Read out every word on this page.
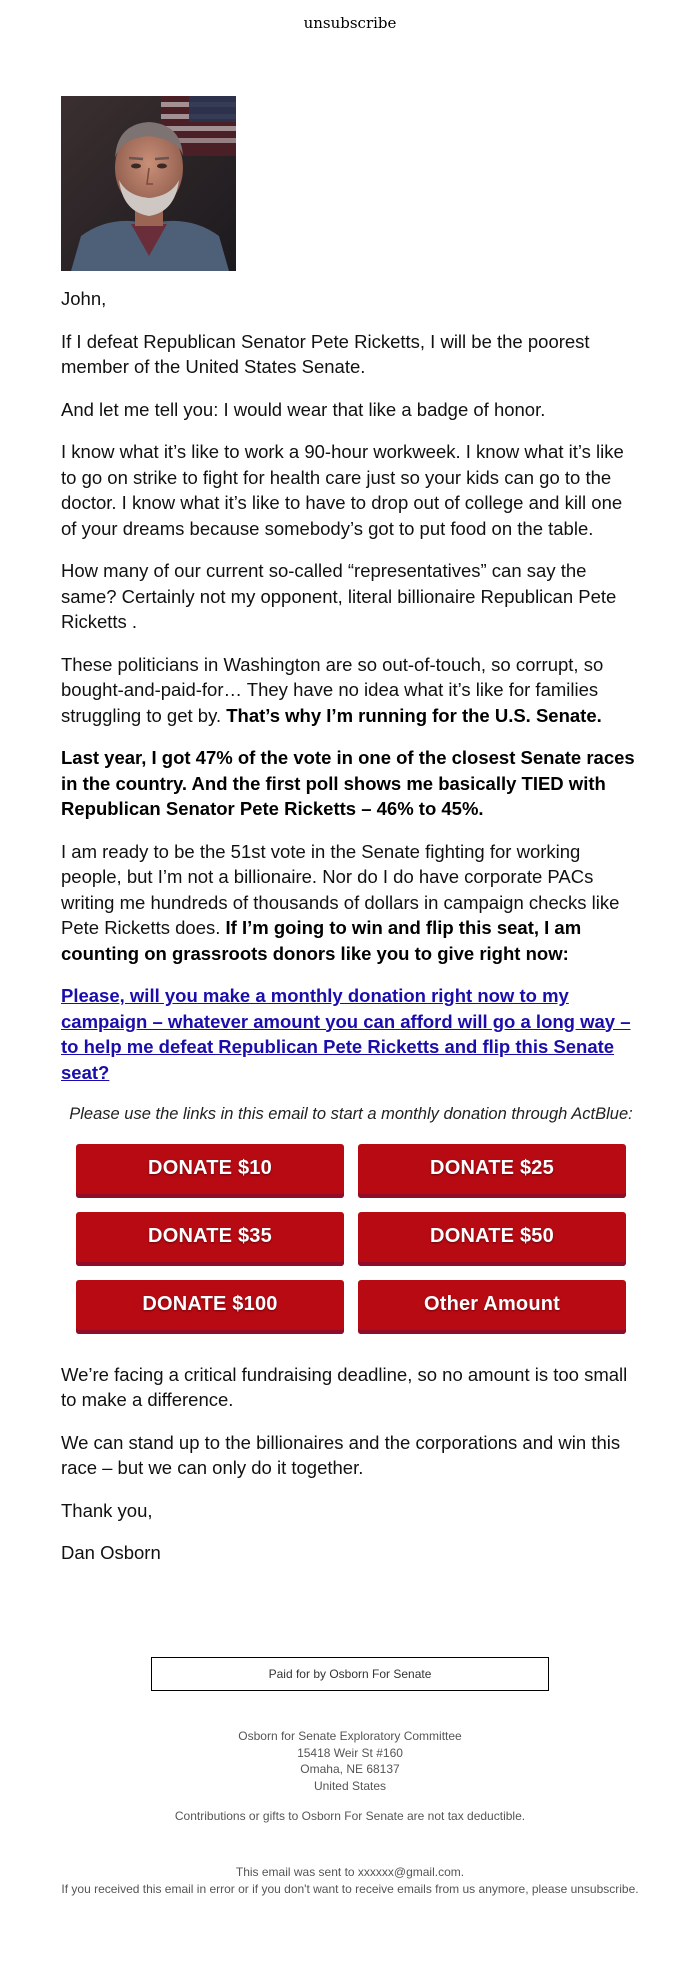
unsubscribe

John,

If I defeat Republican Senator Pete Ricketts, I will be the poorest member of the United States Senate.

And let me tell you: I would wear that like a badge of honor.

I know what it’s like to work a 90-hour workweek. I know what it’s like to go on strike to fight for health care just so your kids can go to the doctor. I know what it’s like to have to drop out of college and kill one of your dreams because somebody’s got to put food on the table.

How many of our current so-called “representatives” can say the same? Certainly not my opponent, literal billionaire Republican Pete Ricketts .

These politicians in Washington are so out-of-touch, so corrupt, so bought-and-paid-for… They have no idea what it’s like for families struggling to get by. That’s why I’m running for the U.S. Senate.

Last year, I got 47% of the vote in one of the closest Senate races in the country. And the first poll shows me basically TIED with Republican Senator Pete Ricketts – 46% to 45%.

I am ready to be the 51st vote in the Senate fighting for working people, but I’m not a billionaire. Nor do I do have corporate PACs writing me hundreds of thousands of dollars in campaign checks like Pete Ricketts does. If I’m going to win and flip this seat, I am counting on grassroots donors like you to give right now:

Please, will you make a monthly donation right now to my campaign – whatever amount you can afford will go a long way – to help me defeat Republican Pete Ricketts and flip this Senate seat?

Please use the links in this email to start a monthly donation through ActBlue:

DONATE $10	DONATE $25
DONATE $35	DONATE $50
DONATE $100	Other Amount

We’re facing a critical fundraising deadline, so no amount is too small to make a difference.

We can stand up to the billionaires and the corporations and win this race – but we can only do it together.

Thank you,

Dan Osborn

Paid for by Osborn For Senate
Osborn for Senate Exploratory Committee
15418 Weir St #160
Omaha, NE 68137
United States
Contributions or gifts to Osborn For Senate are not tax deductible.
This email was sent to xxxxxx@gmail.com.
If you received this email in error or if you don't want to receive emails from us anymore, please unsubscribe.
